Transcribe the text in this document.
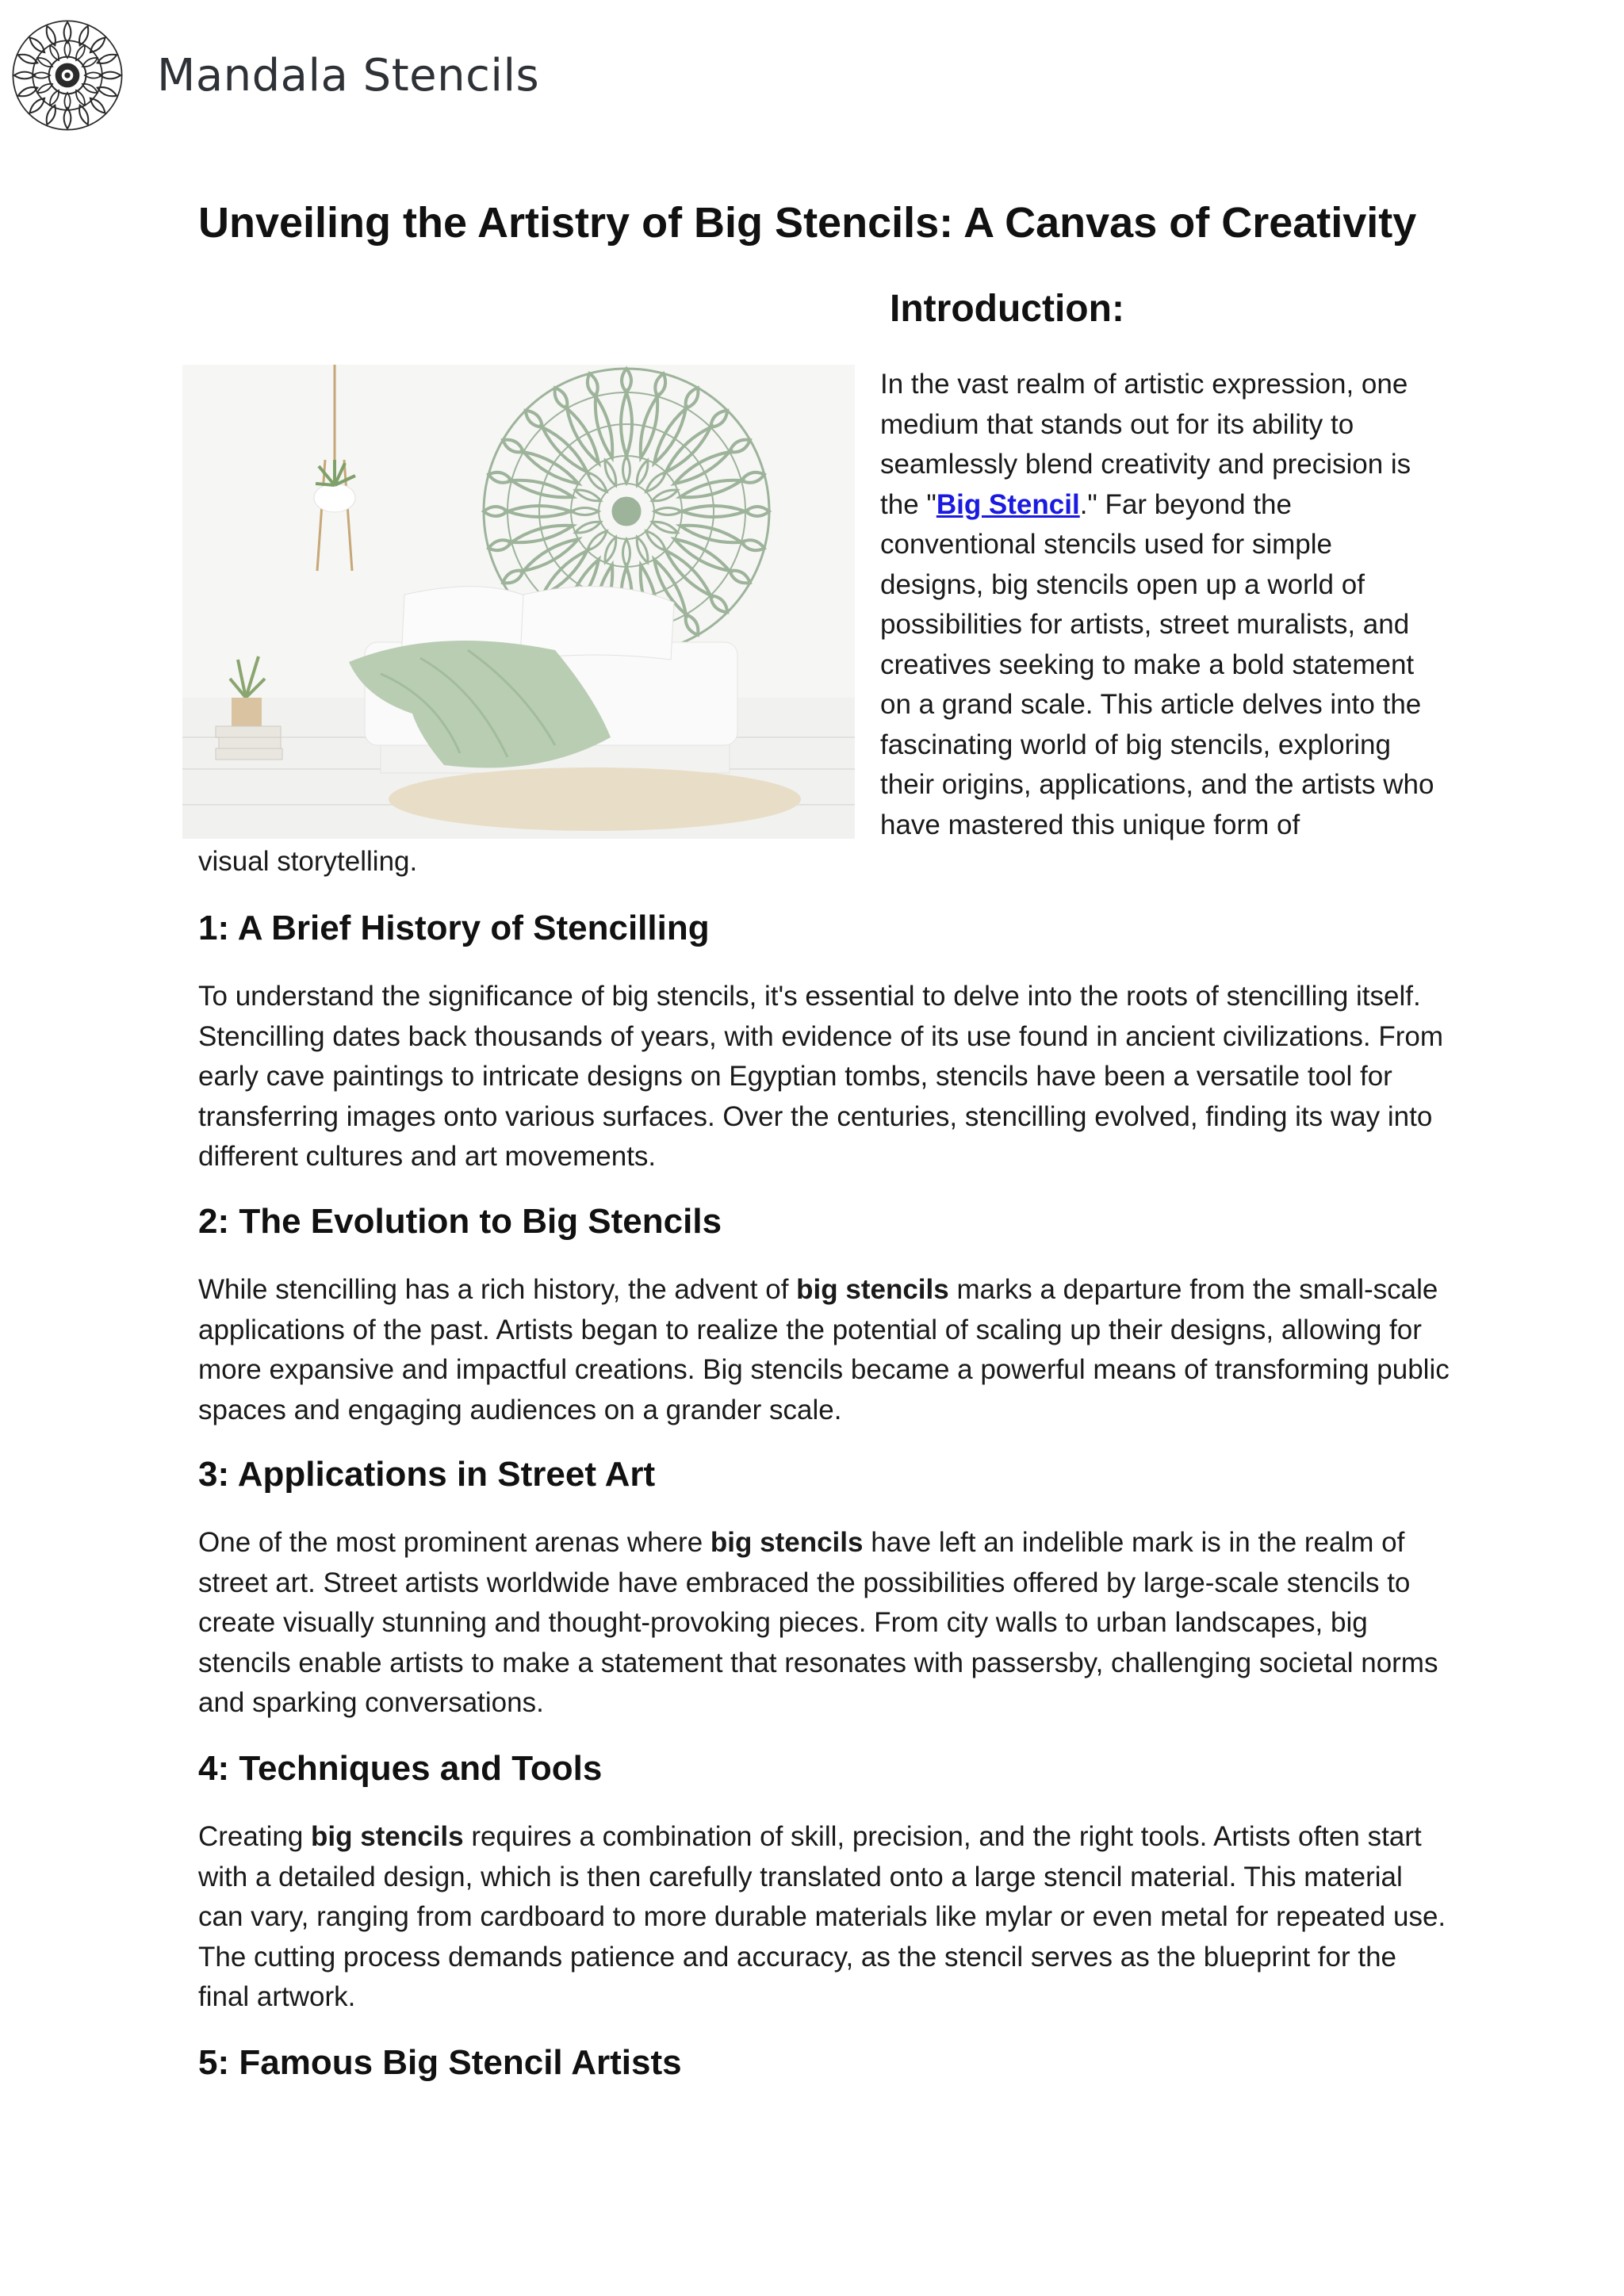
Mandala Stencils
Unveiling the Artistry of Big Stencils: A Canvas of Creativity
Introduction:

In the vast realm of artistic expression, one medium that stands out for its ability to seamlessly blend creativity and precision is the "Big Stencil." Far beyond the conventional stencils used for simple designs, big stencils open up a world of possibilities for artists, street muralists, and creatives seeking to make a bold statement on a grand scale. This article delves into the fascinating world of big stencils, exploring their origins, applications, and the artists who have mastered this unique form of

visual storytelling.

1: A Brief History of Stencilling

To understand the significance of big stencils, it's essential to delve into the roots of stencilling itself. Stencilling dates back thousands of years, with evidence of its use found in ancient civilizations. From early cave paintings to intricate designs on Egyptian tombs, stencils have been a versatile tool for transferring images onto various surfaces. Over the centuries, stencilling evolved, finding its way into different cultures and art movements.

2: The Evolution to Big Stencils

While stencilling has a rich history, the advent of big stencils marks a departure from the small-scale applications of the past. Artists began to realize the potential of scaling up their designs, allowing for more expansive and impactful creations. Big stencils became a powerful means of transforming public spaces and engaging audiences on a grander scale.

3: Applications in Street Art

One of the most prominent arenas where big stencils have left an indelible mark is in the realm of street art. Street artists worldwide have embraced the possibilities offered by large-scale stencils to create visually stunning and thought-provoking pieces. From city walls to urban landscapes, big stencils enable artists to make a statement that resonates with passersby, challenging societal norms and sparking conversations.

4: Techniques and Tools

Creating big stencils requires a combination of skill, precision, and the right tools. Artists often start with a detailed design, which is then carefully translated onto a large stencil material. This material can vary, ranging from cardboard to more durable materials like mylar or even metal for repeated use. The cutting process demands patience and accuracy, as the stencil serves as the blueprint for the final artwork.

5: Famous Big Stencil Artists
